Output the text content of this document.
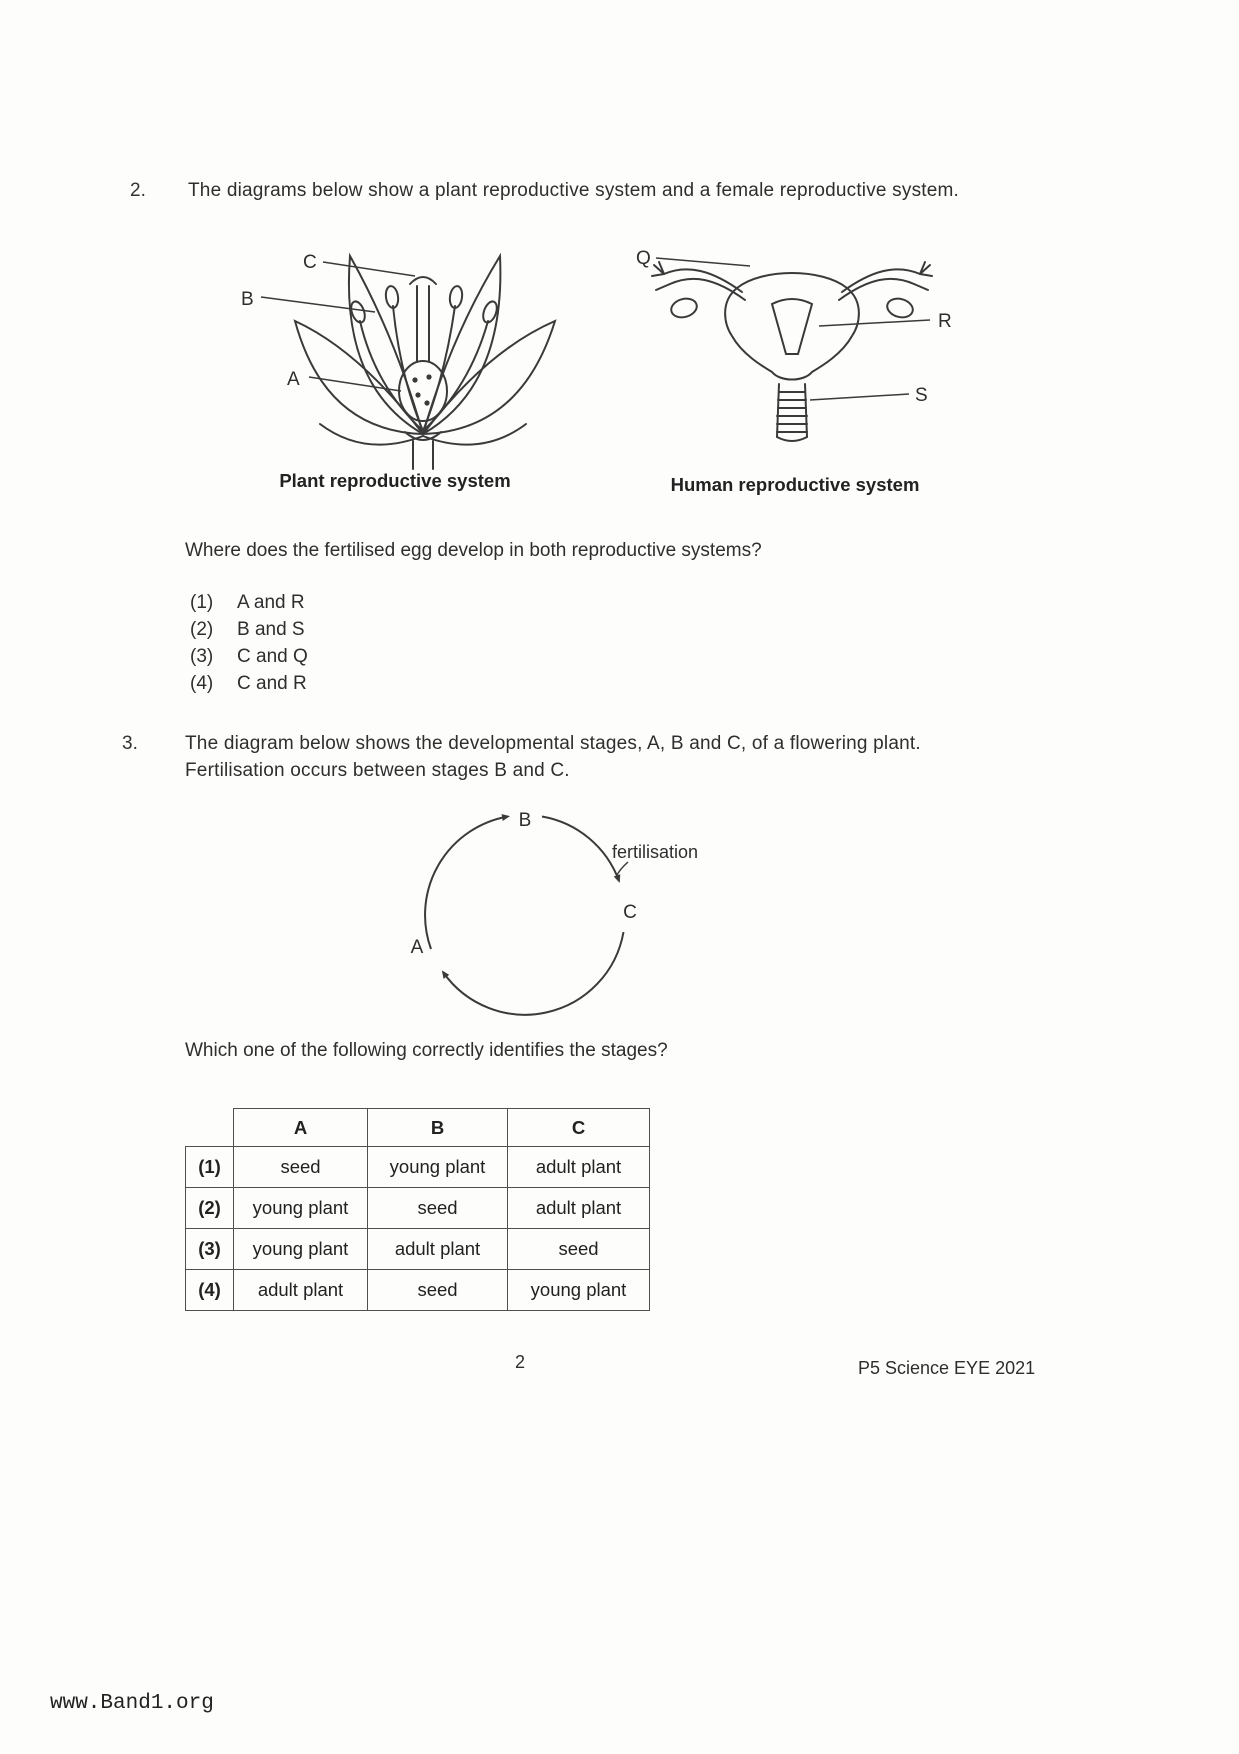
2. The diagrams below show a plant reproductive system and a female reproductive system.
C
B
A
Q
R
S
Plant reproductive system	Human reproductive system
Where does the fertilised egg develop in both reproductive systems?
(1) A and R
(2) B and S
(3) C and Q
(4) C and R
3. The diagram below shows the developmental stages, A, B and C, of a flowering plant.
Fertilisation occurs between stages B and C.
B
C
A
fertilisation
Which one of the following correctly identifies the stages?
	A	B	C
(1)	seed	young plant	adult plant
(2)	young plant	seed	adult plant
(3)	young plant	adult plant	seed
(4)	adult plant	seed	young plant
2	P5 Science EYE 2021
www.Band1.org
